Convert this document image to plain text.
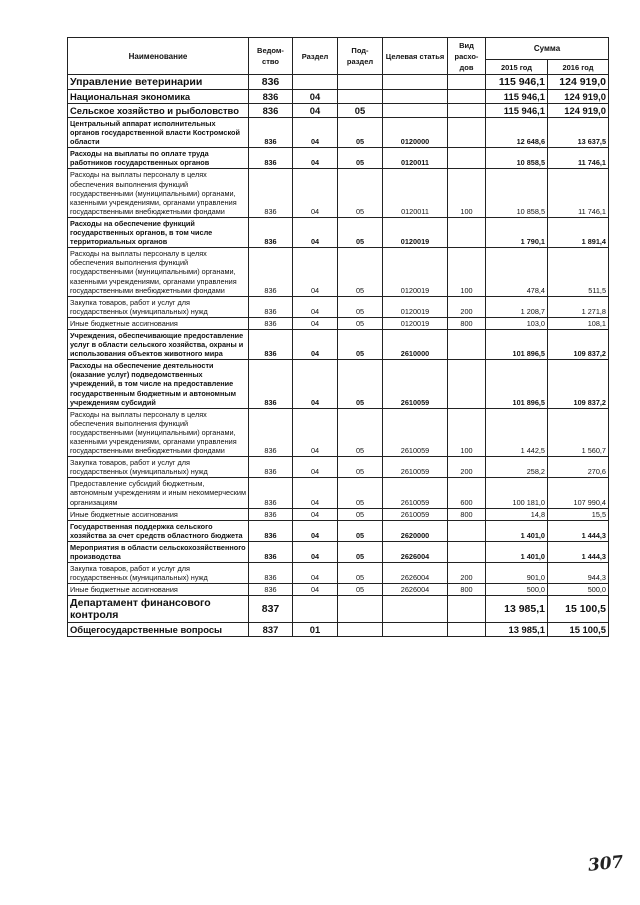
Наименование	Ведом-ство	Раздел	Под-раздел	Целевая статья	Вид расхо-дов	Сумма	
						2015 год	2016 год
Управление ветеринарии	836					115 946,1	124 919,0
Национальная экономика	836	04				115 946,1	124 919,0
Сельское хозяйство и рыболовство	836	04	05			115 946,1	124 919,0
Центральный аппарат исполнительных органов государственной власти Костромской области	836	04	05	0120000		12 648,6	13 637,5
Расходы на выплаты по оплате труда работников государственных органов	836	04	05	0120011		10 858,5	11 746,1
Расходы на выплаты персоналу в целях обеспечения выполнения функций государственными (муниципальными) органами, казенными учреждениями, органами управления государственными внебюджетными фондами	836	04	05	0120011	100	10 858,5	11 746,1
Расходы на обеспечение функций государственных органов, в том числе территориальных органов	836	04	05	0120019		1 790,1	1 891,4
Расходы на выплаты персоналу в целях обеспечения выполнения функций государственными (муниципальными) органами, казенными учреждениями, органами управления государственными внебюджетными фондами	836	04	05	0120019	100	478,4	511,5
Закупка товаров, работ и услуг для государственных (муниципальных) нужд	836	04	05	0120019	200	1 208,7	1 271,8
Иные бюджетные ассигнования	836	04	05	0120019	800	103,0	108,1
Учреждения, обеспечивающие предоставление услуг в области сельского хозяйства, охраны и использования объектов животного мира	836	04	05	2610000		101 896,5	109 837,2
Расходы на обеспечение деятельности (оказание услуг) подведомственных учреждений, в том числе на предоставление государственным бюджетным и автономным учреждениям субсидий	836	04	05	2610059		101 896,5	109 837,2
Расходы на выплаты персоналу в целях обеспечения выполнения функций государственными (муниципальными) органами, казенными учреждениями, органами управления государственными внебюджетными фондами	836	04	05	2610059	100	1 442,5	1 560,7
Закупка товаров, работ и услуг для государственных (муниципальных) нужд	836	04	05	2610059	200	258,2	270,6
Предоставление субсидий бюджетным, автономным учреждениям и иным некоммерческим организациям	836	04	05	2610059	600	100 181,0	107 990,4
Иные бюджетные ассигнования	836	04	05	2610059	800	14,8	15,5
Государственная поддержка сельского хозяйства за счет средств областного бюджета	836	04	05	2620000		1 401,0	1 444,3
Мероприятия в области сельскохозяйственного производства	836	04	05	2626004		1 401,0	1 444,3
Закупка товаров, работ и услуг для государственных (муниципальных) нужд	836	04	05	2626004	200	901,0	944,3
Иные бюджетные ассигнования	836	04	05	2626004	800	500,0	500,0
Департамент финансового контроля	837					13 985,1	15 100,5
Общегосударственные вопросы	837	01				13 985,1	15 100,5
307
